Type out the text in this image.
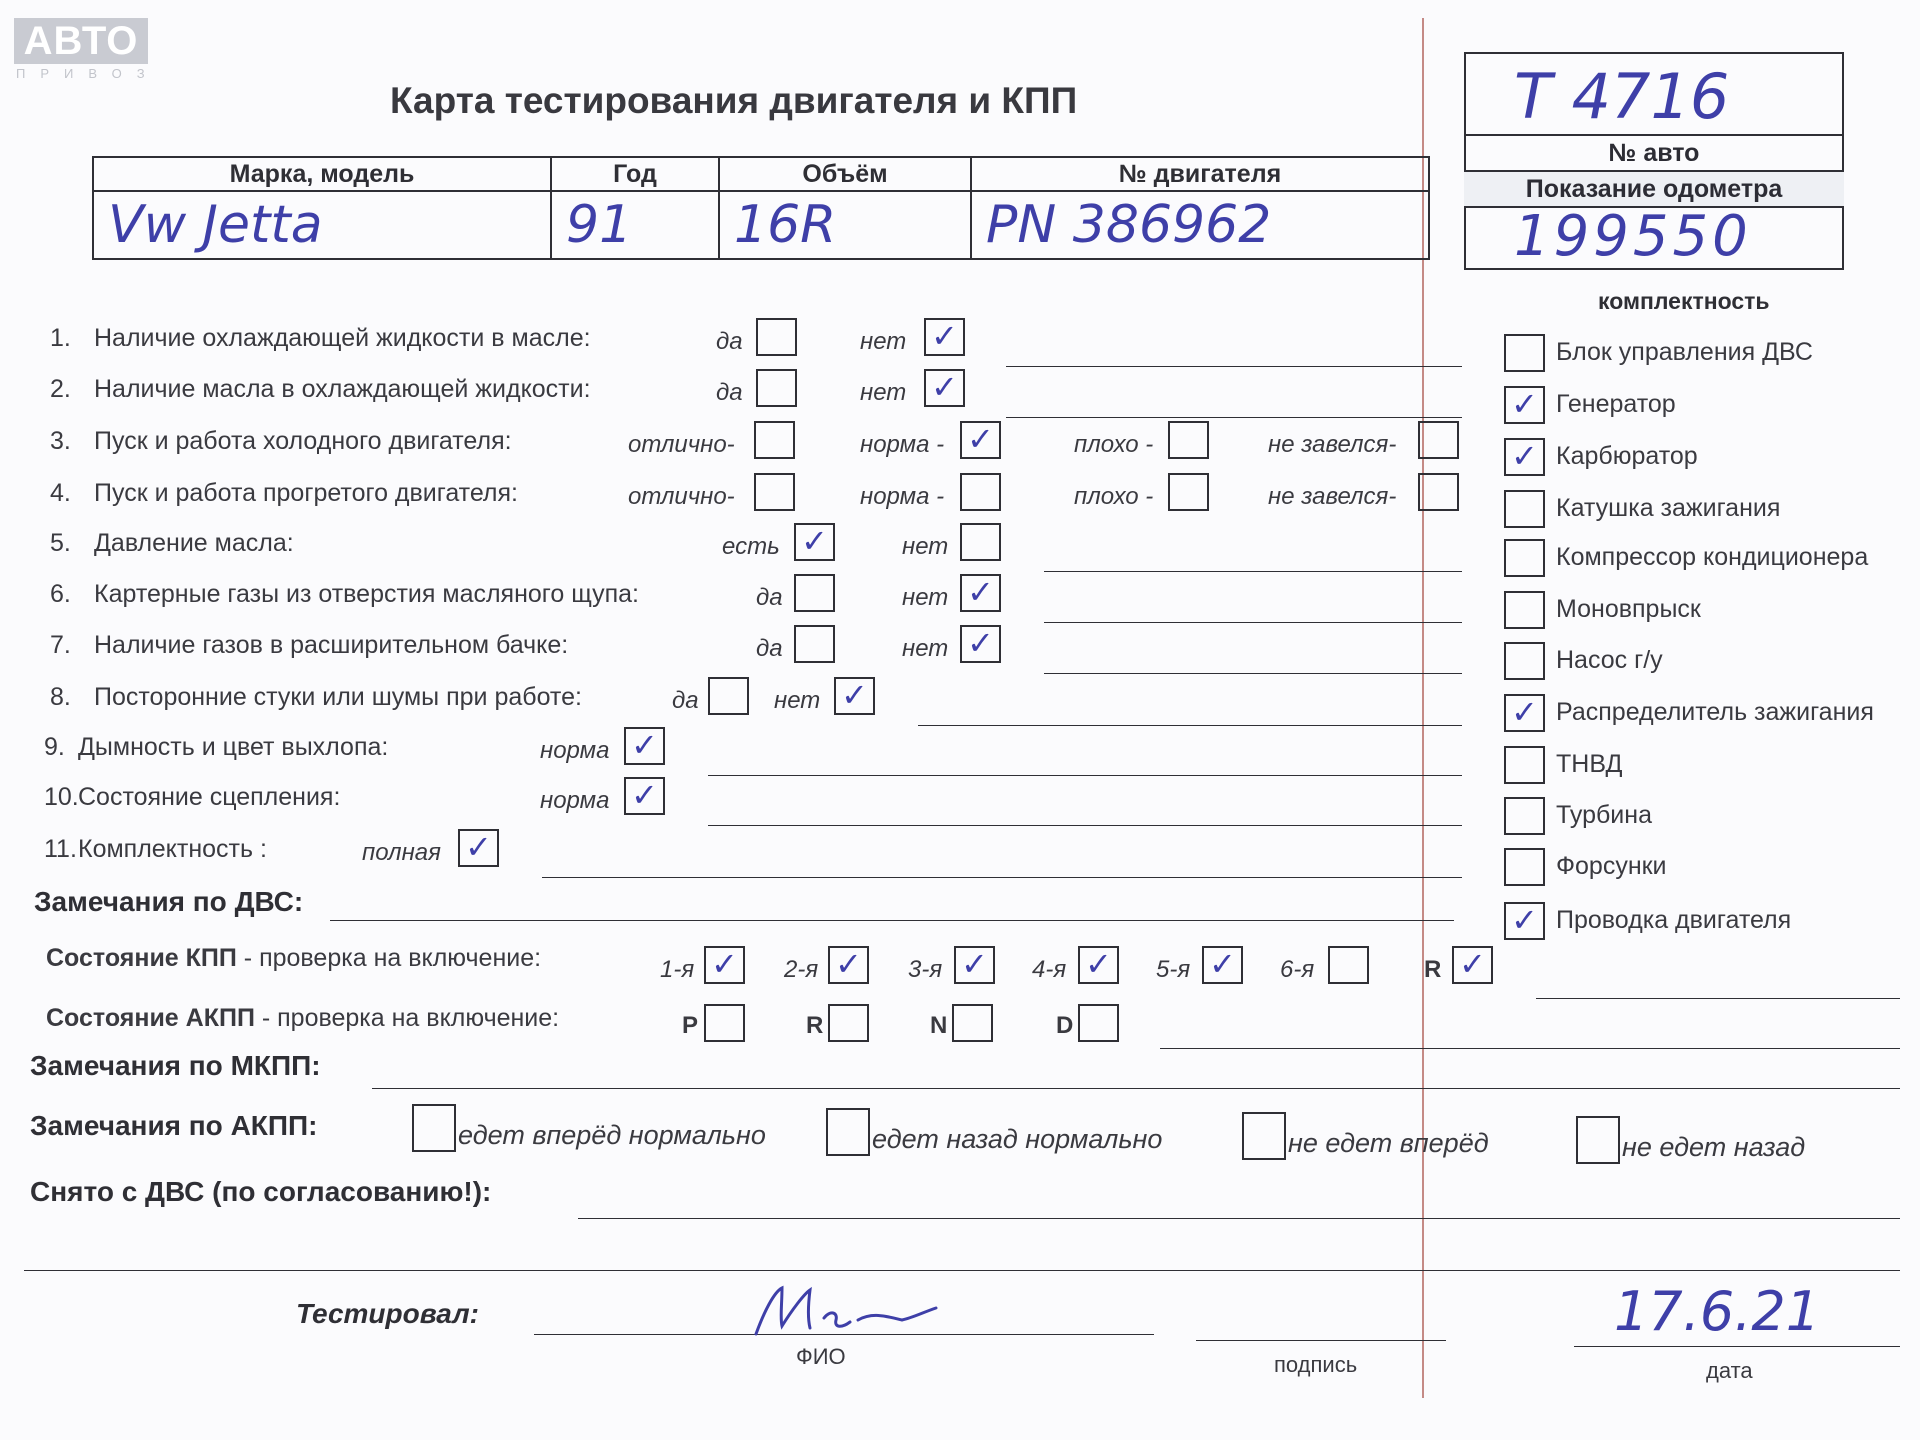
АВТО
ПРИВОЗ
Карта тестирования двигателя и КПП
Марка, модель	Год	Объём	№ двигателя
Vw Jetta	91	16R	PN 386962
T 4716
№ авто
Показание одометра
199550
комплектность
Блок управления ДВС
✓ Генератор
✓ Карбюратор
Катушка зажигания
Компрессор кондиционера
Моновпрыск
Насос г/у
✓ Распределитель зажигания
ТНВД
Турбина
Форсунки
✓ Проводка двигателя
1. Наличие охлаждающей жидкости в масле:	да	нет ✓
2. Наличие масла в охлаждающей жидкости:	да	нет ✓
3. Пуск и работа холодного двигателя:	отлично-	норма - ✓	плохо -	не завелся-
4. Пуск и работа прогретого двигателя:	отлично-	норма -	плохо -	не завелся-
5. Давление масла:	есть ✓	нет
6. Картерные газы из отверстия масляного щупа:	да	нет ✓
7. Наличие газов в расширительном бачке:	да	нет ✓
8. Посторонние стуки или шумы при работе:	да	нет ✓
9. Дымность и цвет выхлопа:	норма ✓
10. Состояние сцепления:	норма ✓
11. Комплектность :	полная ✓
Замечания по ДВС:
Состояние КПП - проверка на включение:	1-я ✓ 2-я ✓ 3-я ✓ 4-я ✓ 5-я ✓ 6-я	R ✓
Состояние АКПП - проверка на включение:	P	R	N	D
Замечания по МКПП:
Замечания по АКПП:	едет вперёд нормально	едет назад нормально	не едет вперёд	не едет назад
Снято с ДВС (по согласованию!):
Тестировал:
ФИО	подпись
17.6.21
дата
